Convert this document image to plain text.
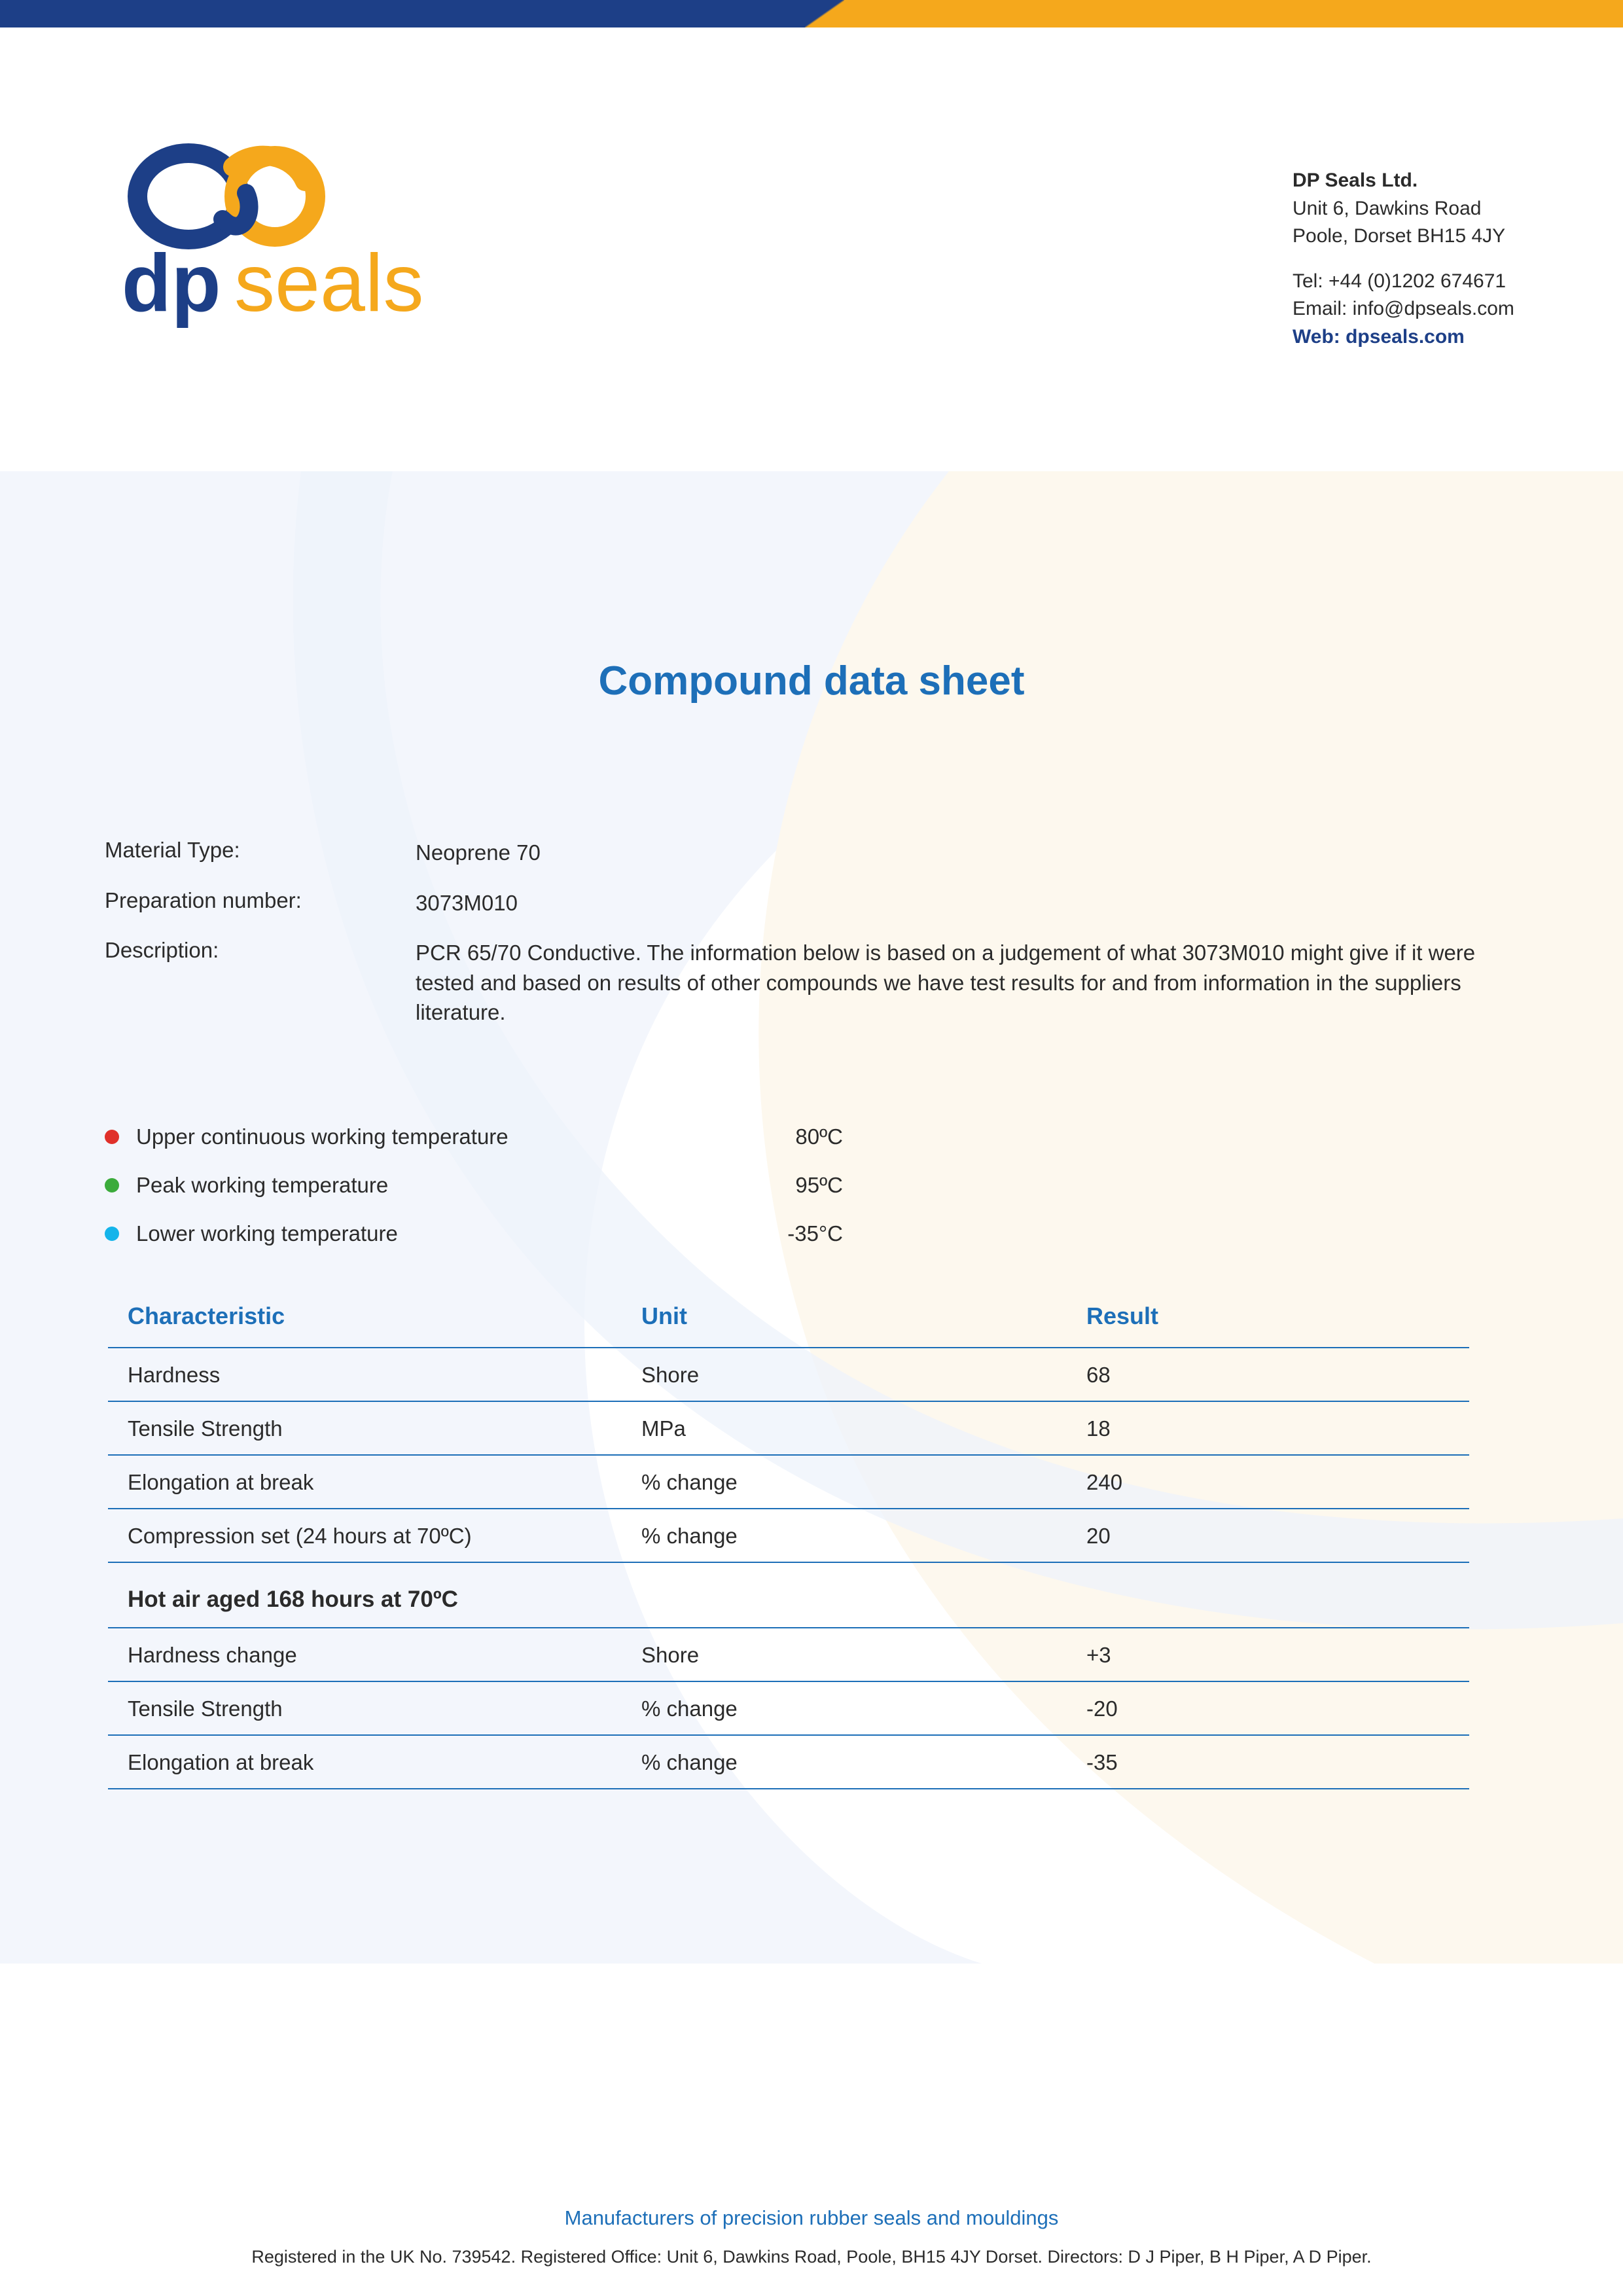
dp seals
DP Seals Ltd.
Unit 6, Dawkins Road
Poole, Dorset BH15 4JY
Tel: +44 (0)1202 674671
Email: info@dpseals.com
Web: dpseals.com
Compound data sheet
Material Type:	Neoprene 70
Preparation number:	3073M010
Description:	PCR 65/70 Conductive. The information below is based on a judgement of what 3073M010 might give if it were tested and based on results of other compounds we have test results for and from information in the suppliers literature.
Upper continuous working temperature	80ºC
Peak working temperature	95ºC
Lower working temperature	-35°C
Characteristic	Unit	Result
Hardness	Shore	68
Tensile Strength	MPa	18
Elongation at break	% change	240
Compression set (24 hours at 70ºC)	% change	20
Hot air aged 168 hours at 70ºC
Hardness change	Shore	+3
Tensile Strength	% change	-20
Elongation at break	% change	-35
Manufacturers of precision rubber seals and mouldings
Registered in the UK No. 739542. Registered Office: Unit 6, Dawkins Road, Poole, BH15 4JY Dorset. Directors: D J Piper, B H Piper, A D Piper.
